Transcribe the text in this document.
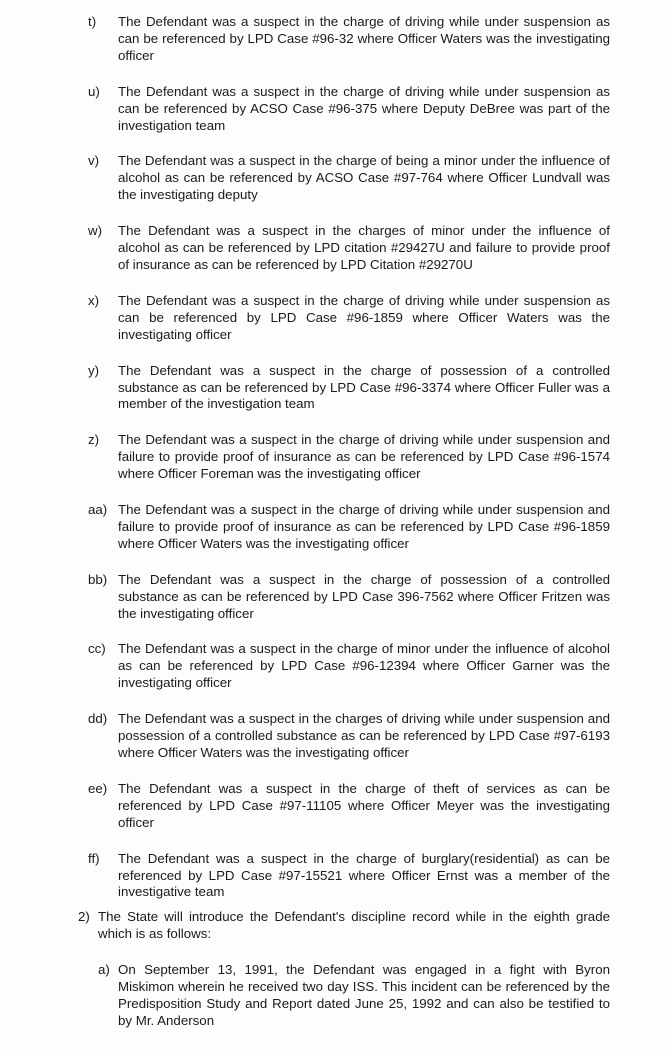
t)	The Defendant was a suspect in the charge of driving while under suspension as can be referenced by LPD Case #96-32 where Officer Waters was the investigating officer
u)	The Defendant was a suspect in the charge of driving while under suspension as can be referenced by ACSO Case #96-375 where Deputy DeBree was part of the investigation team
v)	The Defendant was a suspect in the charge of being a minor under the influence of alcohol as can be referenced by ACSO Case #97-764 where Officer Lundvall was the investigating deputy
w)	The Defendant was a suspect in the charges of minor under the influence of alcohol as can be referenced by LPD citation #29427U and failure to provide proof of insurance as can be referenced by LPD Citation #29270U
x)	The Defendant was a suspect in the charge of driving while under suspension as can be referenced by LPD Case #96-1859 where Officer Waters was the investigating officer
y)	The Defendant was a suspect in the charge of possession of a controlled substance as can be referenced by LPD Case #96-3374 where Officer Fuller was a member of the investigation team
z)	The Defendant was a suspect in the charge of driving while under suspension and failure to provide proof of insurance as can be referenced by LPD Case #96-1574 where Officer Foreman was the investigating officer
aa) The Defendant was a suspect in the charge of driving while under suspension and failure to provide proof of insurance as can be referenced by LPD Case #96-1859 where Officer Waters was the investigating officer
bb) The Defendant was a suspect in the charge of possession of a controlled substance as can be referenced by LPD Case 396-7562 where Officer Fritzen was the investigating officer
cc) The Defendant was a suspect in the charge of minor under the influence of alcohol as can be referenced by LPD Case #96-12394 where Officer Garner was the investigating officer
dd) The Defendant was a suspect in the charges of driving while under suspension and possession of a controlled substance as can be referenced by LPD Case #97-6193 where Officer Waters was the investigating officer
ee) The Defendant was a suspect in the charge of theft of services as can be referenced by LPD Case #97-11105 where Officer Meyer was the investigating officer
ff)	The Defendant was a suspect in the charge of burglary(residential) as can be referenced by LPD Case #97-15521 where Officer Ernst was a member of the investigative team
2) The State will introduce the Defendant's discipline record while in the eighth grade which is as follows:
a) On September 13, 1991, the Defendant was engaged in a fight with Byron Miskimon wherein he received two day ISS. This incident can be referenced by the Predisposition Study and Report dated June 25, 1992 and can also be testified to by Mr. Anderson
